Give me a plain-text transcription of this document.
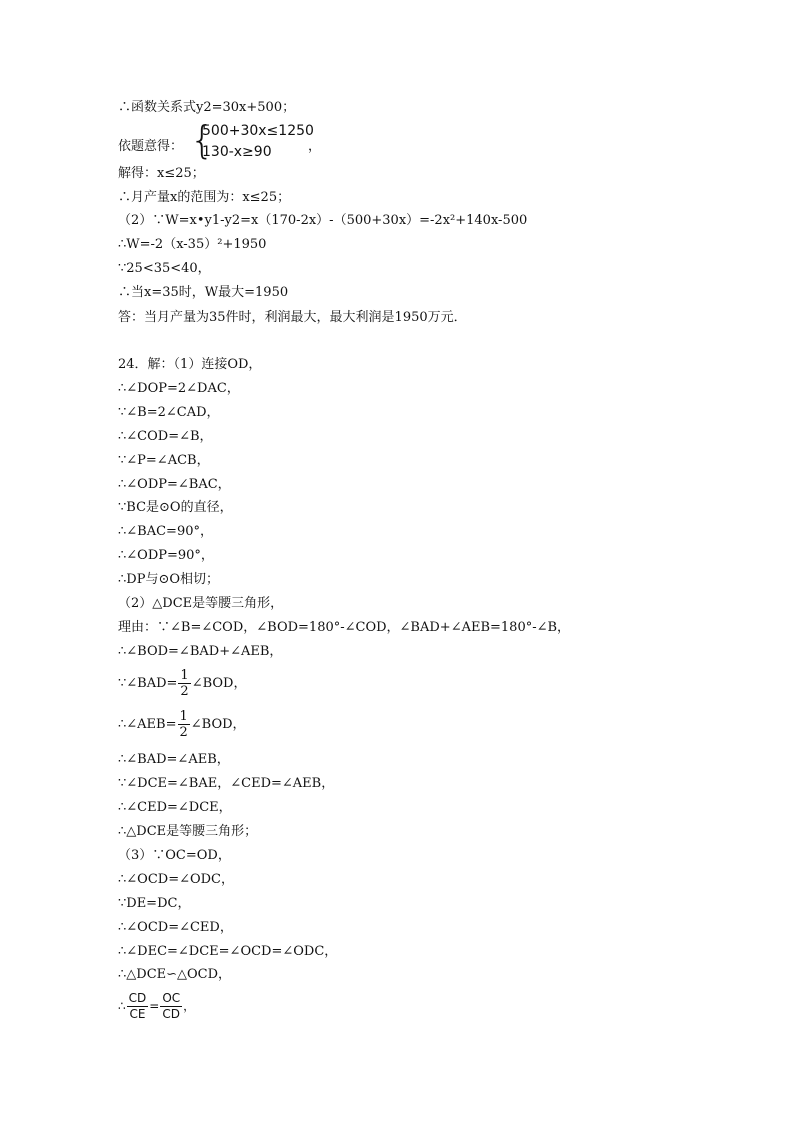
∴函数关系式y2=30x+500；
依题意得： {
500+30x≤1250
130-x≥90	，
解得：x≤25；
∴月产量x的范围为：x≤25；
（2）∵W=x•y1-y2=x（170-2x）-（500+30x）=-2x²+140x-500
∴W=-2（x-35）²+1950
∵25<35<40，
∴当x=35时，W最大=1950
答：当月产量为35件时，利润最大，最大利润是1950万元．
24．解：（1）连接OD，
∴∠DOP=2∠DAC，
∵∠B=2∠CAD，
∴∠COD=∠B，
∵∠P=∠ACB，
∴∠ODP=∠BAC，
∵BC是⊙O的直径，
∴∠BAC=90°，
∴∠ODP=90°，
∴DP与⊙O相切；
（2）△DCE是等腰三角形，
理由：∵∠B=∠COD，∠BOD=180°-∠COD，∠BAD+∠AEB=180°-∠B，
∴∠BOD=∠BAD+∠AEB，
∵∠BAD= $\frac{1}{2}$ ∠BOD，
∴∠AEB= $\frac{1}{2}$ ∠BOD，
∴∠BAD=∠AEB，
∵∠DCE=∠BAE，∠CED=∠AEB，
∴∠CED=∠DCE，
∴△DCE是等腰三角形；
（3）∵OC=OD，
∴∠OCD=∠ODC，
∵DE=DC，
∴∠OCD=∠CED，
∴∠DEC=∠DCE=∠OCD=∠ODC，
∴△DCE∽△OCD，
∴ $\frac{CD}{CE} = \frac{OC}{CD}$ ，
